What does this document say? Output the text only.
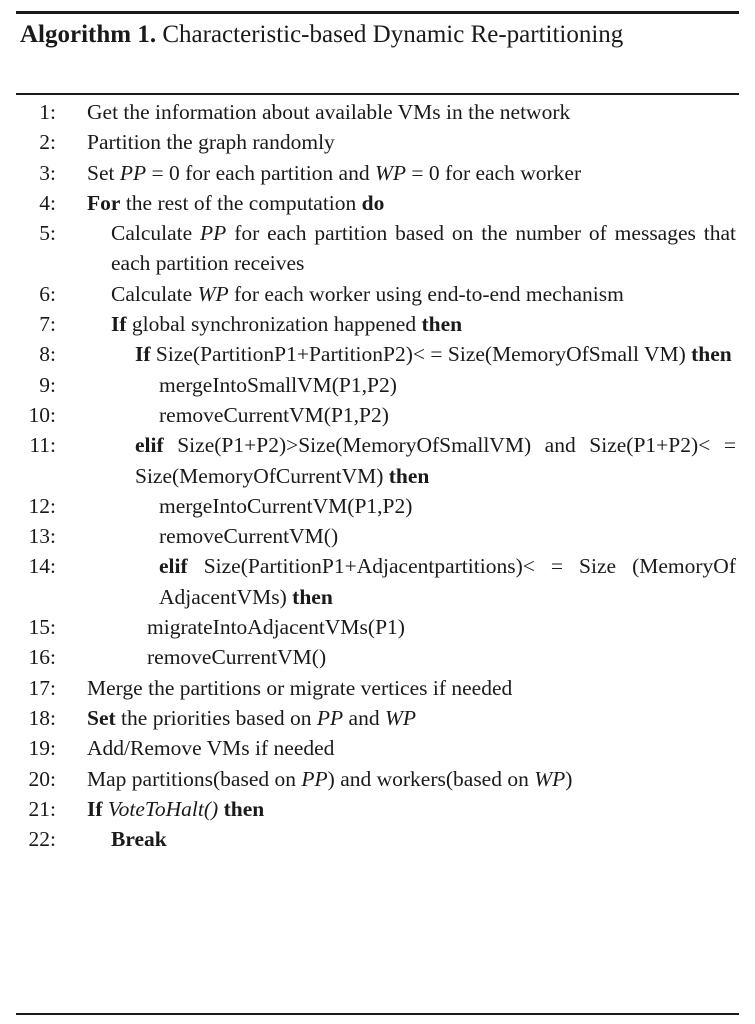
Algorithm 1. Characteristic-based Dynamic Re-partitioning
1: Get the information about available VMs in the network
2: Partition the graph randomly
3: Set PP = 0 for each partition and WP = 0 for each worker
4: For the rest of the computation do
5:	Calculate PP for each partition based on the number of messages that each partition receives
6:	Calculate WP for each worker using end-to-end mechanism
7:	If global synchronization happened then
8:	If Size(PartitionP1+PartitionP2)< = Size(MemoryOfSmall VM) then
9:	mergeIntoSmallVM(P1,P2)
10:	removeCurrentVM(P1,P2)
11:	elif Size(P1+P2)>Size(MemoryOfSmallVM) and Size(P1+P2)< = Size(MemoryOfCurrentVM) then
12:	mergeIntoCurrentVM(P1,P2)
13:	removeCurrentVM()
14:	elif Size(PartitionP1+Adjacentpartitions)< = Size (MemoryOf AdjacentVMs) then
15:	migrateIntoAdjacentVMs(P1)
16:	removeCurrentVM()
17: Merge the partitions or migrate vertices if needed
18: Set the priorities based on PP and WP
19: Add/Remove VMs if needed
20: Map partitions(based on PP) and workers(based on WP)
21: If VoteToHalt() then
22:	Break
